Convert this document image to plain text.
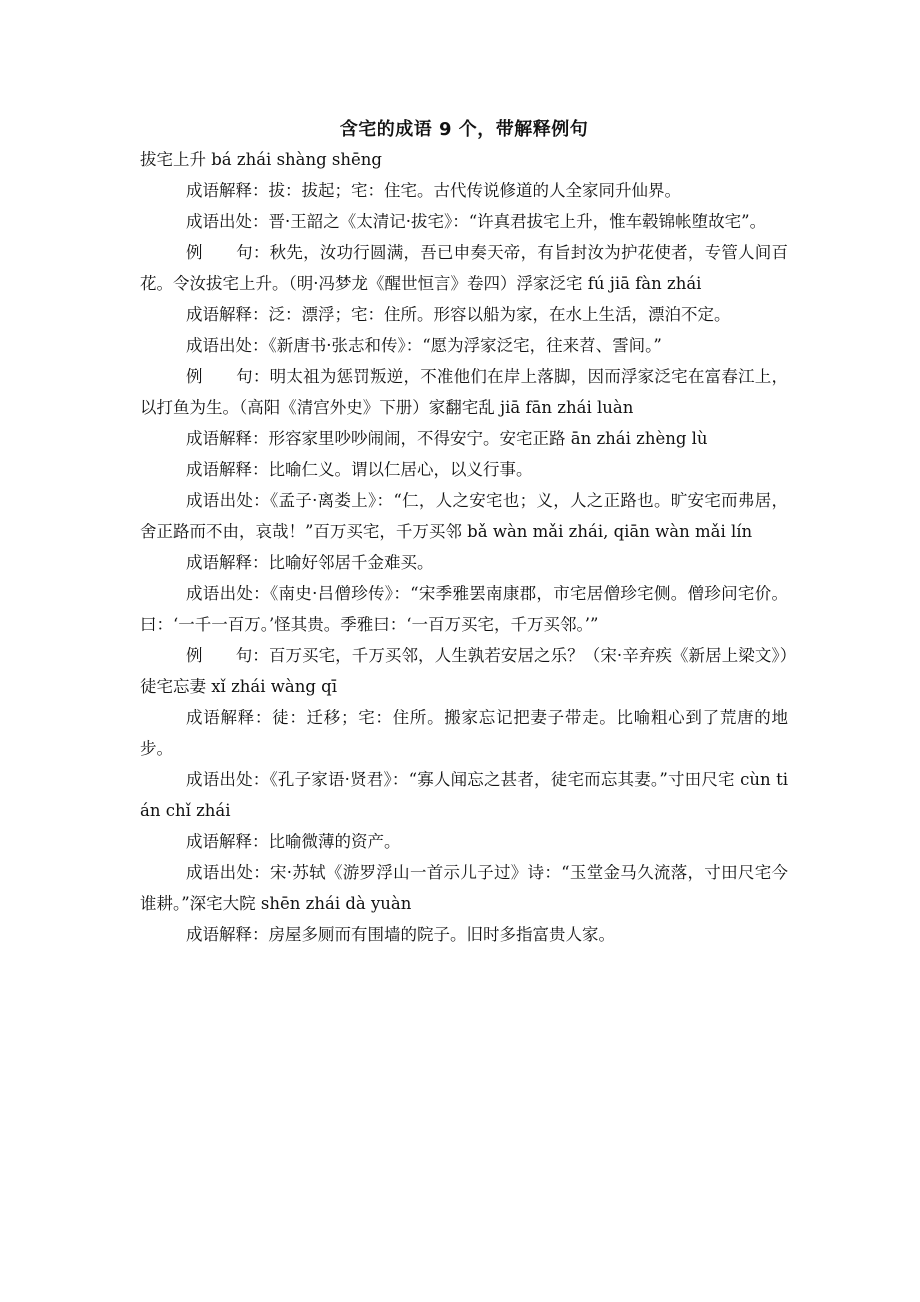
含宅的成语 9 个，带解释例句

拔宅上升 bá zhái shàng shēng

成语解释：拔：拔起；宅：住宅。古代传说修道的人全家同升仙界。

成语出处：晋·王韶之《太清记·拔宅》：“许真君拔宅上升，惟车毂锦帐堕故宅”。

例　　句：秋先，汝功行圆满，吾已申奏天帝，有旨封汝为护花使者，专管人间百花。令汝拔宅上升。（明·冯梦龙《醒世恒言》卷四）浮家泛宅 fú jiā fàn zhái

成语解释：泛：漂浮；宅：住所。形容以船为家，在水上生活，漂泊不定。

成语出处：《新唐书·张志和传》：“愿为浮家泛宅，往来苕、霅间。”

例　　句：明太祖为惩罚叛逆，不准他们在岸上落脚，因而浮家泛宅在富春江上，以打鱼为生。（高阳《清宫外史》下册）家翻宅乱 jiā fān zhái luàn

成语解释：形容家里吵吵闹闹，不得安宁。安宅正路 ān zhái zhèng lù

成语解释：比喻仁义。谓以仁居心，以义行事。

成语出处：《孟子·离娄上》：“仁，人之安宅也；义，人之正路也。旷安宅而弗居，舍正路而不由，哀哉！”百万买宅，千万买邻 bǎ wàn mǎi zhái, qiān wàn mǎi lín

成语解释：比喻好邻居千金难买。

成语出处：《南史·吕僧珍传》：“宋季雅罢南康郡，市宅居僧珍宅侧。僧珍问宅价。曰：‘一千一百万。’怪其贵。季雅曰：‘一百万买宅，千万买邻。’”

例　　句：百万买宅，千万买邻，人生孰若安居之乐？（宋·辛弃疾《新居上梁文》）徒宅忘妻 xǐ zhái wàng qī

成语解释：徒：迁移；宅：住所。搬家忘记把妻子带走。比喻粗心到了荒唐的地步。

成语出处：《孔子家语·贤君》：“寡人闻忘之甚者，徒宅而忘其妻。”寸田尺宅 cùn tián chǐ zhái

成语解释：比喻微薄的资产。

成语出处：宋·苏轼《游罗浮山一首示儿子过》诗：“玉堂金马久流落，寸田尺宅今谁耕。”深宅大院 shēn zhái dà yuàn

成语解释：房屋多厕而有围墙的院子。旧时多指富贵人家。
